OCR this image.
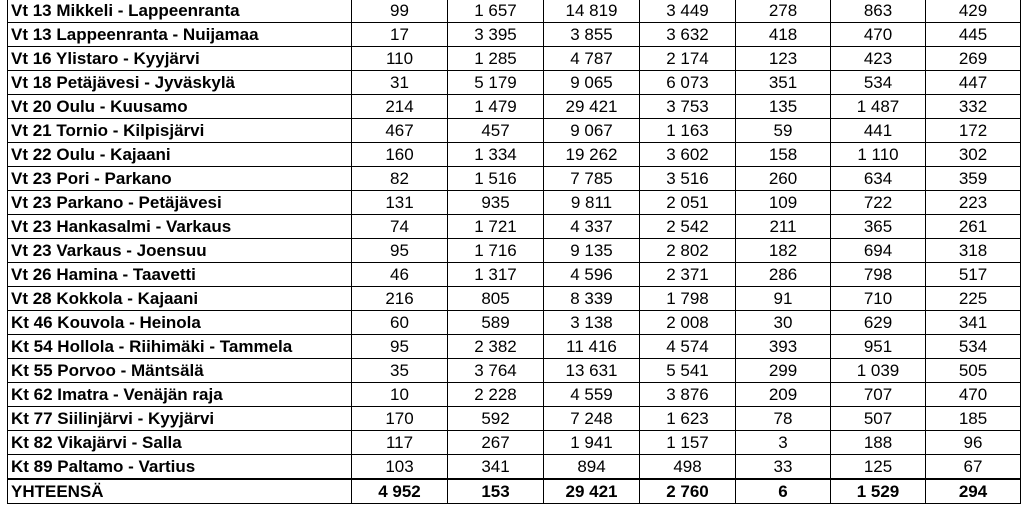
Vt 13 Mikkeli - Lappeenranta	99	1 657	14 819	3 449	278	863	429
Vt 13 Lappeenranta - Nuijamaa	17	3 395	3 855	3 632	418	470	445
Vt 16 Ylistaro - Kyyjärvi	110	1 285	4 787	2 174	123	423	269
Vt 18 Petäjävesi - Jyväskylä	31	5 179	9 065	6 073	351	534	447
Vt 20 Oulu - Kuusamo	214	1 479	29 421	3 753	135	1 487	332
Vt 21 Tornio - Kilpisjärvi	467	457	9 067	1 163	59	441	172
Vt 22 Oulu - Kajaani	160	1 334	19 262	3 602	158	1 110	302
Vt 23 Pori - Parkano	82	1 516	7 785	3 516	260	634	359
Vt 23 Parkano - Petäjävesi	131	935	9 811	2 051	109	722	223
Vt 23 Hankasalmi - Varkaus	74	1 721	4 337	2 542	211	365	261
Vt 23 Varkaus - Joensuu	95	1 716	9 135	2 802	182	694	318
Vt 26 Hamina - Taavetti	46	1 317	4 596	2 371	286	798	517
Vt 28 Kokkola - Kajaani	216	805	8 339	1 798	91	710	225
Kt 46 Kouvola - Heinola	60	589	3 138	2 008	30	629	341
Kt 54 Hollola - Riihimäki - Tammela	95	2 382	11 416	4 574	393	951	534
Kt 55 Porvoo - Mäntsälä	35	3 764	13 631	5 541	299	1 039	505
Kt 62 Imatra - Venäjän raja	10	2 228	4 559	3 876	209	707	470
Kt 77 Siilinjärvi - Kyyjärvi	170	592	7 248	1 623	78	507	185
Kt 82 Vikajärvi - Salla	117	267	1 941	1 157	3	188	96
Kt 89 Paltamo - Vartius	103	341	894	498	33	125	67
YHTEENSÄ	4 952	153	29 421	2 760	6	1 529	294
